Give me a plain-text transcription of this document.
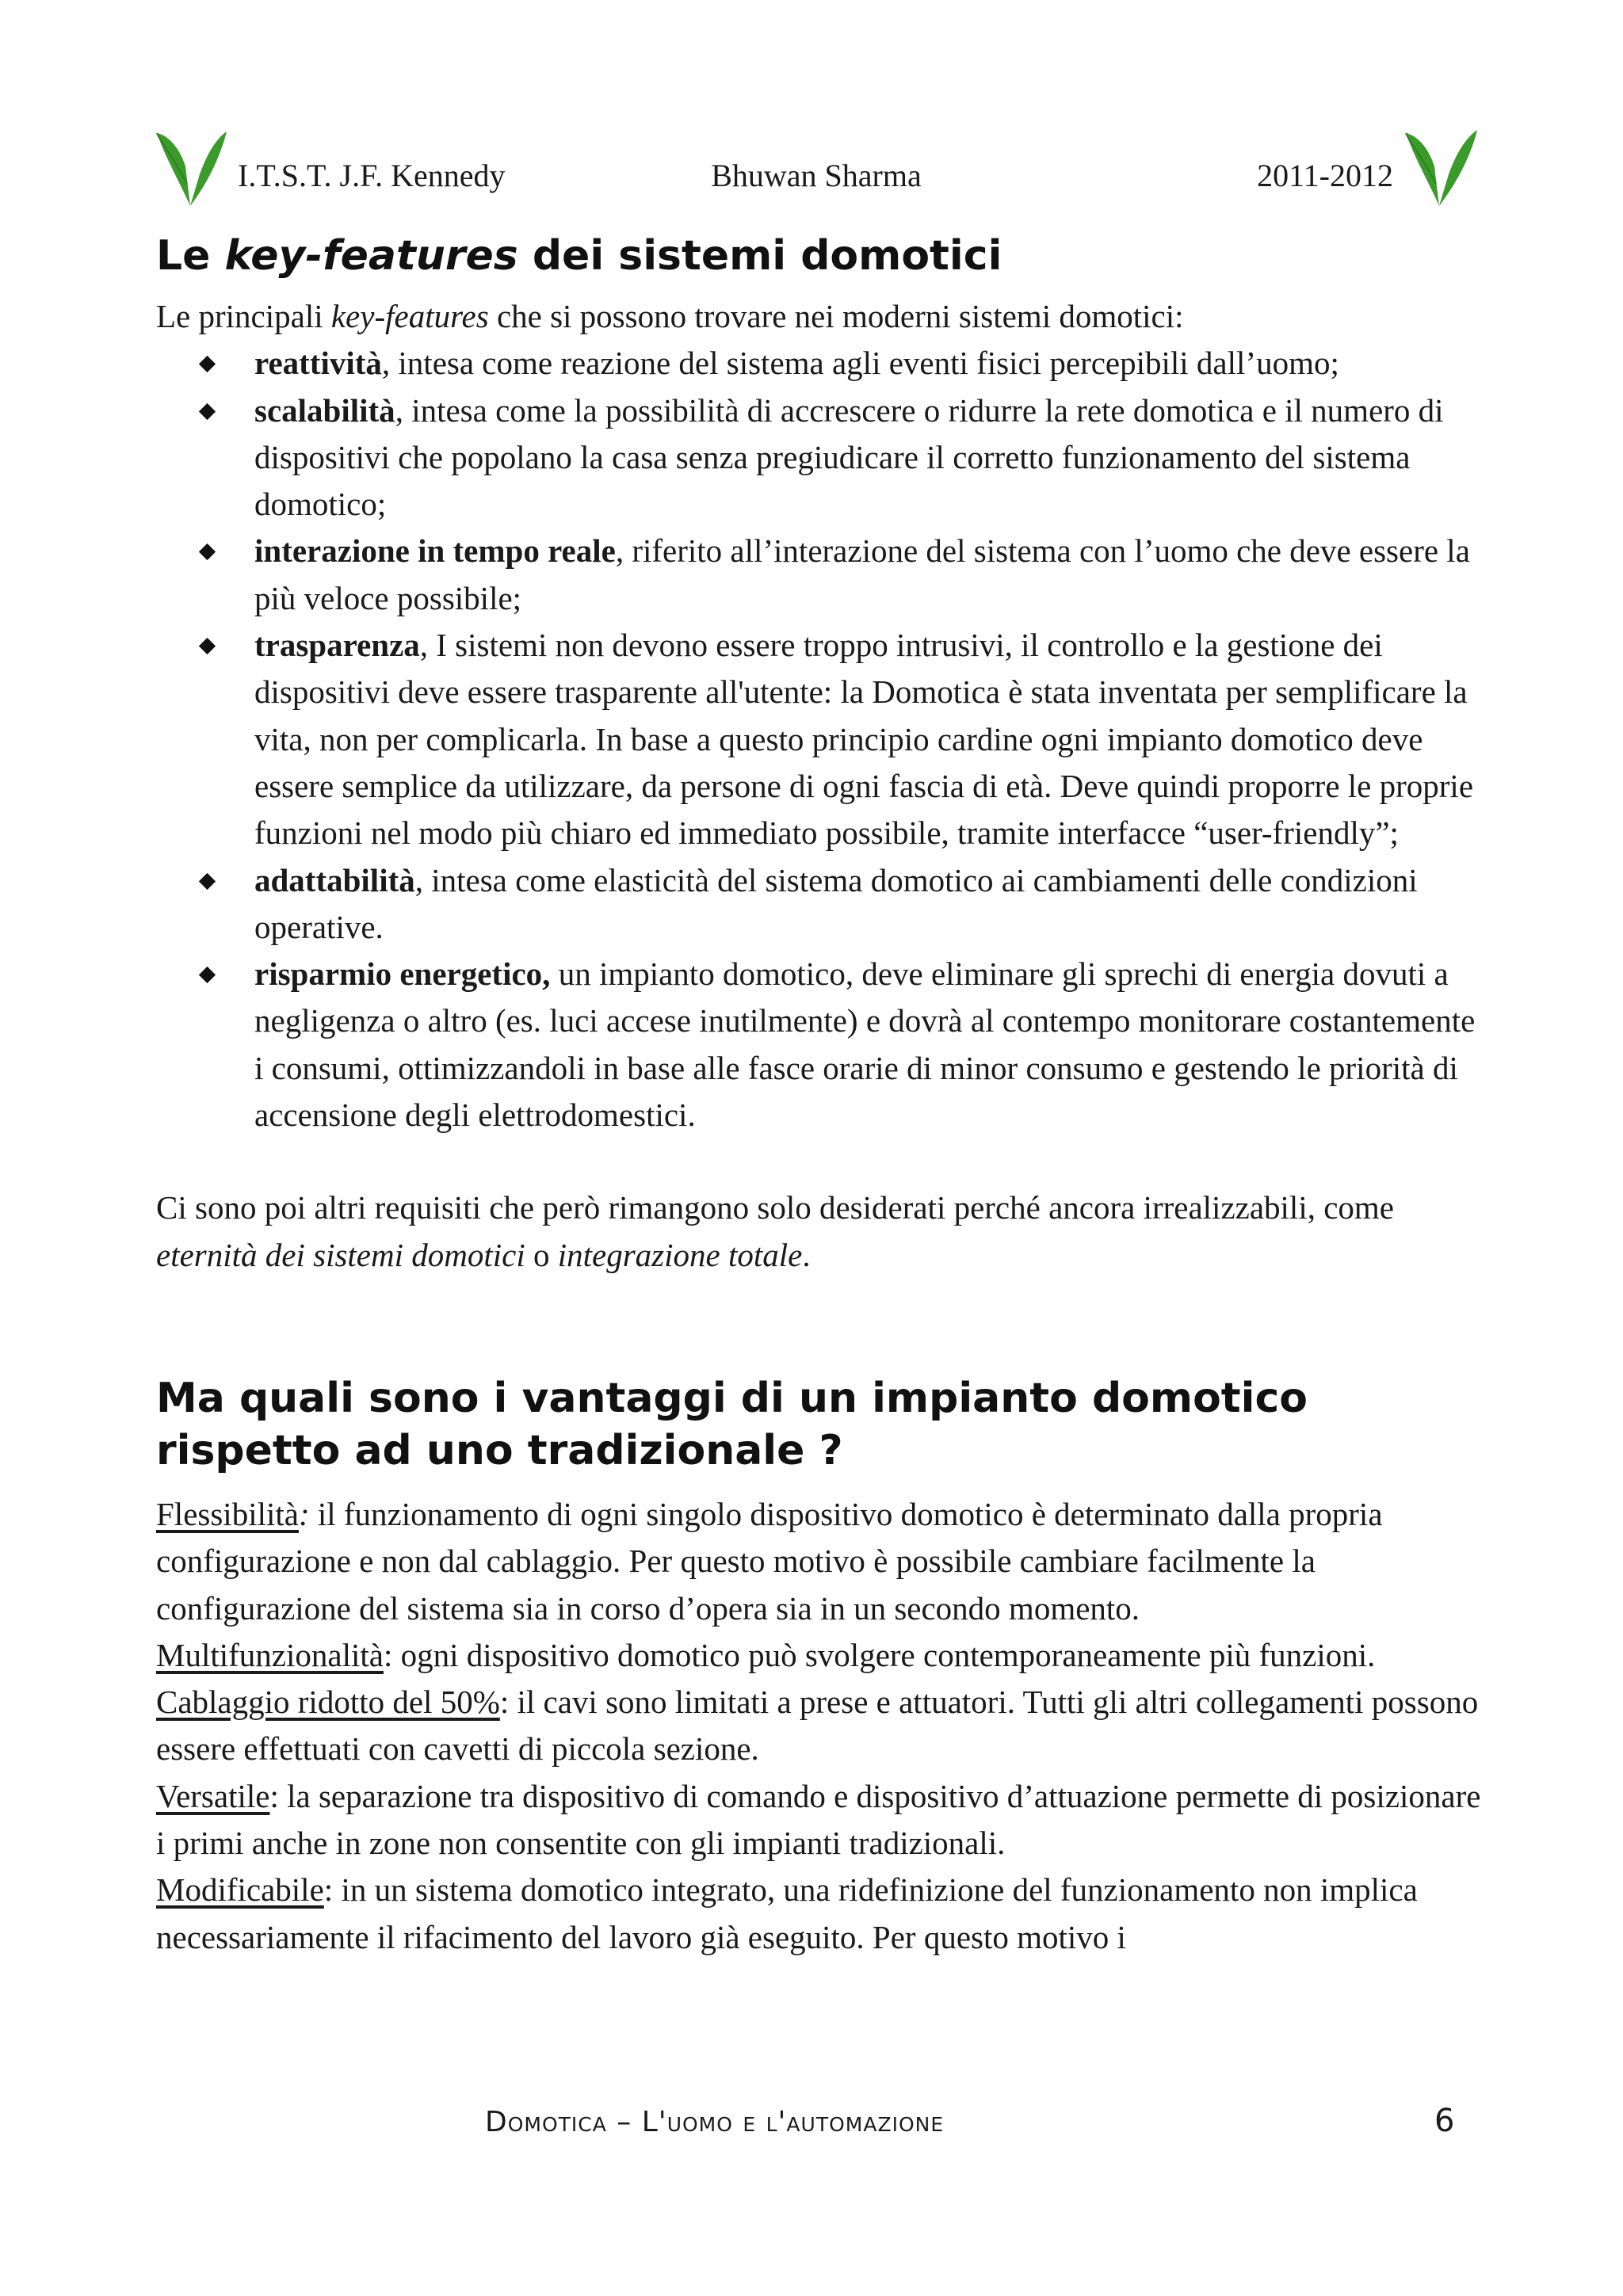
I.T.S.T. J.F. Kennedy	Bhuwan Sharma	2011-2012
Le key-features dei sistemi domotici

Le principali key-features che si possono trovare nei moderni sistemi domotici:

reattività, intesa come reazione del sistema agli eventi fisici percepibili dall’uomo;
scalabilità, intesa come la possibilità di accrescere o ridurre la rete domotica e il numero di dispositivi che popolano la casa senza pregiudicare il corretto funzionamento del sistema domotico;
interazione in tempo reale, riferito all’interazione del sistema con l’uomo che deve essere la più veloce possibile;
trasparenza, I sistemi non devono essere troppo intrusivi, il controllo e la gestione dei dispositivi deve essere trasparente all'utente: la Domotica è stata inventata per semplificare la vita, non per complicarla. In base a questo principio cardine ogni impianto domotico deve essere semplice da utilizzare, da persone di ogni fascia di età. Deve quindi proporre le proprie funzioni nel modo più chiaro ed immediato possibile, tramite interfacce “user-friendly”;
adattabilità, intesa come elasticità del sistema domotico ai cambiamenti delle condizioni operative.
risparmio energetico, un impianto domotico, deve eliminare gli sprechi di energia dovuti a negligenza o altro (es. luci accese inutilmente) e dovrà al contempo monitorare costantemente i consumi, ottimizzandoli in base alle fasce orarie di minor consumo e gestendo le priorità di accensione degli elettrodomestici.

Ci sono poi altri requisiti che però rimangono solo desiderati perché ancora irrealizzabili, come eternità dei sistemi domotici o integrazione totale.

Ma quali sono i vantaggi di un impianto domotico rispetto ad uno tradizionale ?

Flessibilità: il funzionamento di ogni singolo dispositivo domotico è determinato dalla propria configurazione e non dal cablaggio. Per questo motivo è possibile cambiare facilmente la configurazione del sistema sia in corso d’opera sia in un secondo momento.

Multifunzionalità: ogni dispositivo domotico può svolgere contemporaneamente più funzioni.

Cablaggio ridotto del 50%: il cavi sono limitati a prese e attuatori. Tutti gli altri collegamenti possono essere effettuati con cavetti di piccola sezione.

Versatile: la separazione tra dispositivo di comando e dispositivo d’attuazione permette di posizionare i primi anche in zone non consentite con gli impianti tradizionali.

Modificabile: in un sistema domotico integrato, una ridefinizione del funzionamento non implica necessariamente il rifacimento del lavoro già eseguito. Per questo motivo i

Domotica – L'uomo e l'automazione	6
